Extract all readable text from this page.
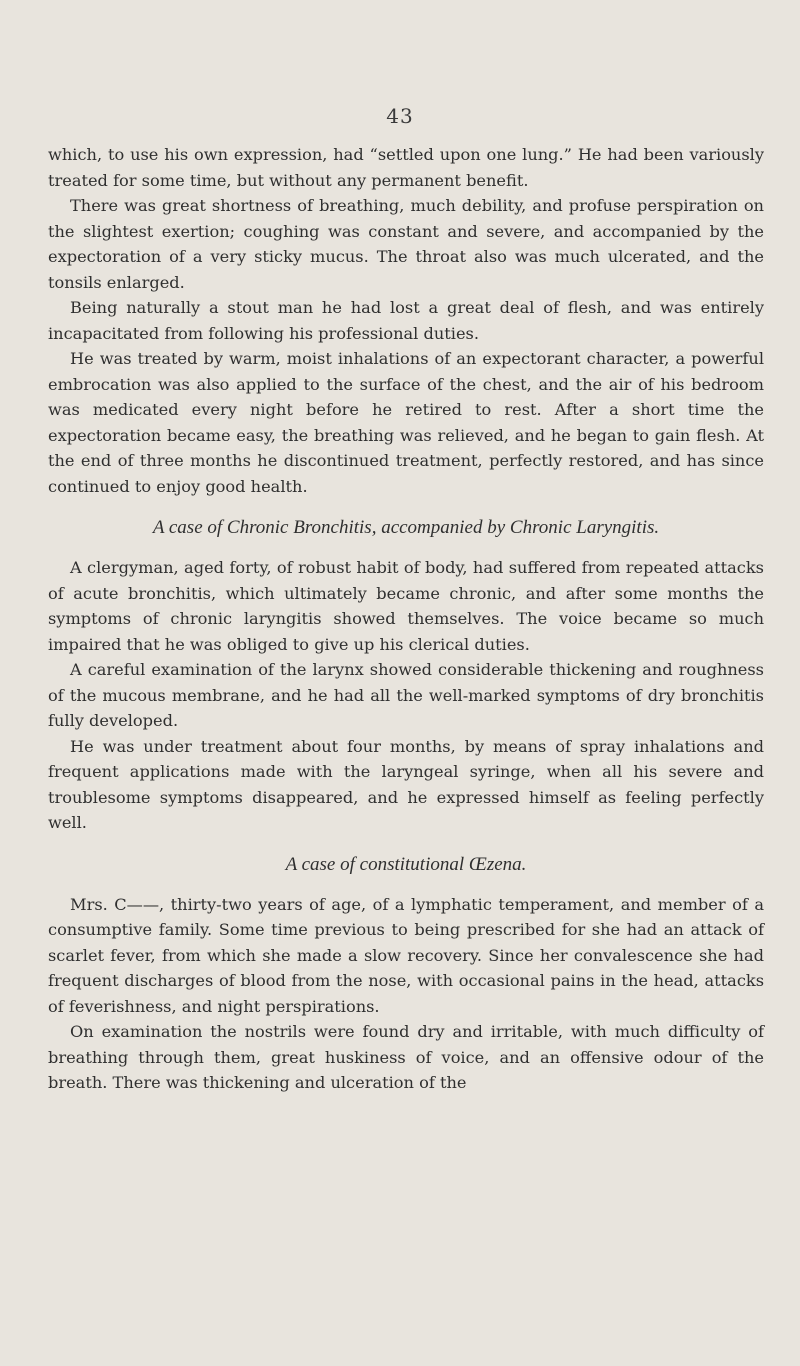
43

which, to use his own expression, had “settled upon one lung.” He had been variously treated for some time, but without any permanent benefit.

There was great shortness of breathing, much debility, and profuse perspiration on the slightest exertion; coughing was constant and severe, and accompanied by the expectoration of a very sticky mucus. The throat also was much ulcerated, and the tonsils enlarged.

Being naturally a stout man he had lost a great deal of flesh, and was entirely incapacitated from following his professional duties.

He was treated by warm, moist inhalations of an expectorant character, a powerful embrocation was also applied to the surface of the chest, and the air of his bedroom was medicated every night before he retired to rest. After a short time the expectoration became easy, the breathing was relieved, and he began to gain flesh. At the end of three months he discontinued treatment, perfectly restored, and has since continued to enjoy good health.

A case of Chronic Bronchitis, accompanied by Chronic Laryngitis.

A clergyman, aged forty, of robust habit of body, had suffered from repeated attacks of acute bronchitis, which ultimately became chronic, and after some months the symptoms of chronic laryngitis showed themselves. The voice became so much impaired that he was obliged to give up his clerical duties.

A careful examination of the larynx showed considerable thickening and roughness of the mucous membrane, and he had all the well-marked symptoms of dry bronchitis fully developed.

He was under treatment about four months, by means of spray inhalations and frequent applications made with the laryngeal syringe, when all his severe and troublesome symptoms disappeared, and he expressed himself as feeling perfectly well.

A case of constitutional Œzena.

Mrs. C——, thirty-two years of age, of a lymphatic temperament, and member of a consumptive family. Some time previous to being prescribed for she had an attack of scarlet fever, from which she made a slow recovery. Since her convalescence she had frequent discharges of blood from the nose, with occasional pains in the head, attacks of feverishness, and night perspirations.

On examination the nostrils were found dry and irritable, with much difficulty of breathing through them, great huskiness of voice, and an offensive odour of the breath. There was thickening and ulceration of the
